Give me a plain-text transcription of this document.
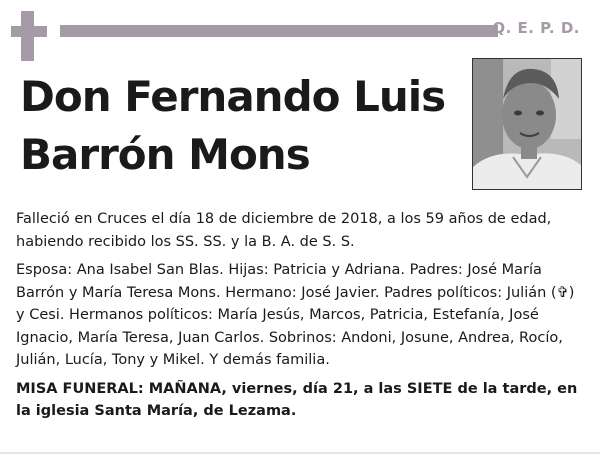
Q. E. P. D.
Don Fernando Luis Barrón Mons

Falleció en Cruces el día 18 de diciembre de 2018, a los 59 años de edad, habiendo recibido los SS. SS. y la B. A. de S. S.

Esposa: Ana Isabel San Blas. Hijas: Patricia y Adriana. Padres: José María Barrón y María Teresa Mons. Hermano: José Javier. Padres políticos: Julián (✞) y Cesi. Hermanos políticos: María Jesús, Marcos, Patricia, Estefanía, José Ignacio, María Teresa, Juan Carlos. Sobrinos: Andoni, Josune, Andrea, Rocío, Julián, Lucía, Tony y Mikel. Y demás familia.

MISA FUNERAL: MAÑANA, viernes, día 21, a las SIETE de la tarde, en la iglesia Santa María, de Lezama.
